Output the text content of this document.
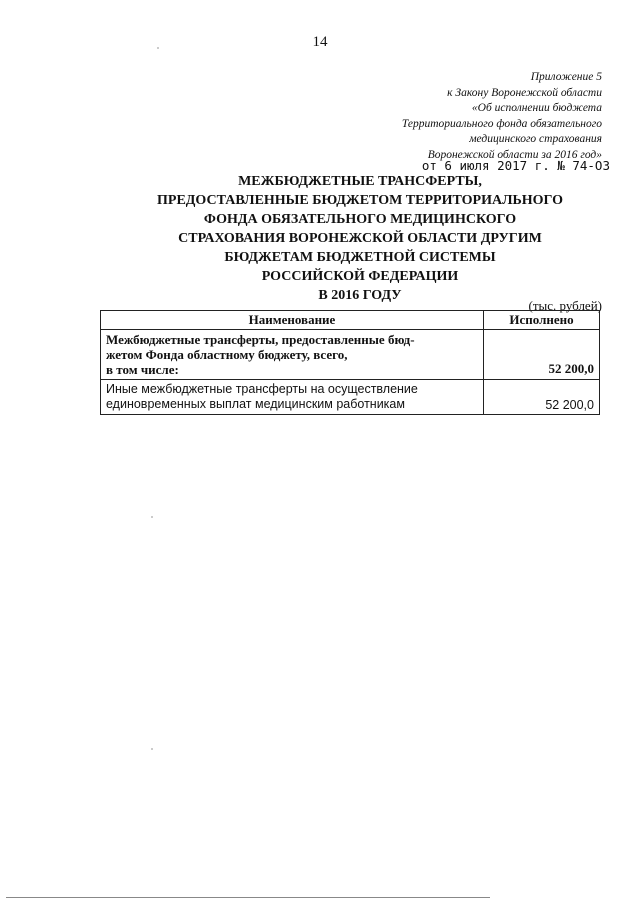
14
Приложение 5
к Закону Воронежской области
«Об исполнении бюджета
Территориального фонда обязательного
медицинского страхования
Воронежской области за 2016 год»
от 6 июля 2017 г. № 74-ОЗ
МЕЖБЮДЖЕТНЫЕ ТРАНСФЕРТЫ,
ПРЕДОСТАВЛЕННЫЕ БЮДЖЕТОМ ТЕРРИТОРИАЛЬНОГО
ФОНДА ОБЯЗАТЕЛЬНОГО МЕДИЦИНСКОГО
СТРАХОВАНИЯ ВОРОНЕЖСКОЙ ОБЛАСТИ ДРУГИМ
БЮДЖЕТАМ БЮДЖЕТНОЙ СИСТЕМЫ
РОССИЙСКОЙ ФЕДЕРАЦИИ
В 2016 ГОДУ
(тыс. рублей)
Наименование	Исполнено

Межбюджетные трансферты, предоставленные бюд-
жетом Фонда областному бюджету, всего,
в том числе:	52 200,0

Иные межбюджетные трансферты на осуществление
единовременных выплат медицинским работникам	52 200,0
